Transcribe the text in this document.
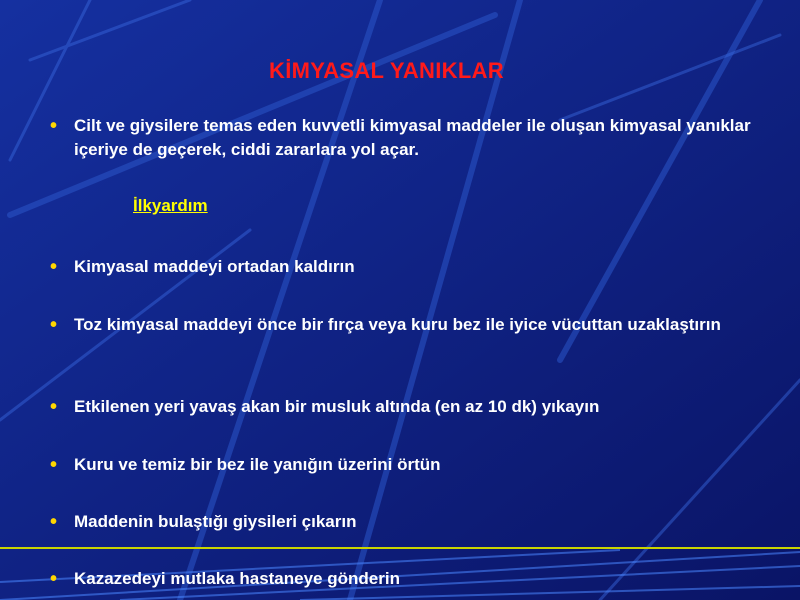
KİMYASAL YANIKLAR
• Cilt ve giysilere temas eden kuvvetli kimyasal maddeler ile oluşan kimyasal yanıklar içeriye de geçerek, ciddi zararlara yol açar.
İlkyardım
• Kimyasal maddeyi ortadan kaldırın
• Toz kimyasal maddeyi önce bir fırça veya kuru bez ile iyice vücuttan uzaklaştırın
• Etkilenen yeri yavaş akan bir musluk altında (en az 10 dk) yıkayın
• Kuru ve temiz bir bez ile yanığın üzerini örtün
• Maddenin bulaştığı giysileri çıkarın
• Kazazedeyi mutlaka hastaneye gönderin
